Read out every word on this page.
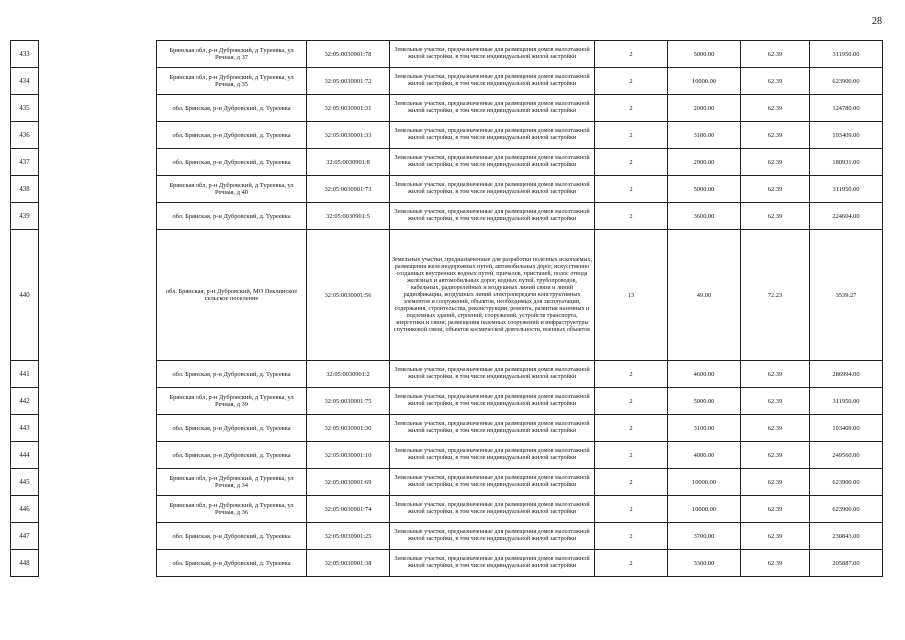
28
433		Брянская обл, р-н Дубровский, д Туреевка, ул Речная, д 37	32:05:0030901:78	Земельные участки, предназначенные для размещения домов малоэтажной жилой застройки, в том числе индивидуальной жилой застройки	2	5000.00	62.39	311950.00
434		Брянская обл, р-н Дубровский, д Туреевка, ул Речная, д 35	32:05:0030901:72	Земельные участки, предназначенные для размещения домов малоэтажной жилой застройки, в том числе индивидуальной жилой застройки	2	10000.00	62.39	623900.00
435		обл. Брянская, р-н Дубровский, д. Туреевка	32:05:0030901:31	Земельные участки, предназначенные для размещения домов малоэтажной жилой застройки, в том числе индивидуальной жилой застройки	2	2000.00	62.39	124780.00
436		обл. Брянская, р-н Дубровский, д. Туреевка	32:05:0030901:33	Земельные участки, предназначенные для размещения домов малоэтажной жилой застройки, в том числе индивидуальной жилой застройки	2	3100.00	62.39	193409.00
437		обл. Брянская, р-н Дубровский, д. Туреевка	32:05:0030901:8	Земельные участки, предназначенные для размещения домов малоэтажной жилой застройки, в том числе индивидуальной жилой застройки	2	2900.00	62.39	180931.00
438		Брянская обл, р-н Дубровский, д Туреевка, ул Речная, д 40	32:05:0030901:73	Земельные участки, предназначенные для размещения домов малоэтажной жилой застройки, в том числе индивидуальной жилой застройки	2	5000.00	62.39	311950.00
439		обл. Брянская, р-н Дубровский, д. Туреевка	32:05:0030901:5	Земельные участки, предназначенные для размещения домов малоэтажной жилой застройки, в том числе индивидуальной жилой застройки	2	3600.00	62.39	224604.00
440		обл. Брянская, р-н Дубровский, МО Пеклинское сельское поселение	32:05:0030901:56	Земельные участки, предназначенные для разработки полезных ископаемых, размещения железнодорожных путей, автомобильных дорог, искусственно созданных внутренних водных путей, причалов, пристаней, полос отвода железных и автомобильных дорог, водных путей, трубопроводов, кабельных, радиорелейных и воздушных линий связи и линий радиофикации, воздушных линий электропередачи конструктивных элементов и сооружений, объектов, необходимых для эксплуатации, содержания, строительства, реконструкции, ремонта, развития наземных и подземных зданий, строений, сооружений, устройств транспорта, энергетики и связи; размещения наземных сооружений и инфраструктуры спутниковой связи, объектов космической деятельности, военных объектов	13	49.00	72.23	3539.27
441		обл. Брянская, р-н Дубровский, д. Туреевка	32:05:0030901:2	Земельные участки, предназначенные для размещения домов малоэтажной жилой застройки, в том числе индивидуальной жилой застройки	2	4600.00	62.39	286994.00
442		Брянская обл, р-н Дубровский, д Туреевка, ул Речная, д 39	32:05:0030901:75	Земельные участки, предназначенные для размещения домов малоэтажной жилой застройки, в том числе индивидуальной жилой застройки	2	5000.00	62.39	311950.00
443		обл. Брянская, р-н Дубровский, д. Туреевка	32:05:0030901:30	Земельные участки, предназначенные для размещения домов малоэтажной жилой застройки, в том числе индивидуальной жилой застройки	2	3100.00	62.39	193409.00
444		обл. Брянская, р-н Дубровский, д. Туреевка	32:05:0030901:10	Земельные участки, предназначенные для размещения домов малоэтажной жилой застройки, в том числе индивидуальной жилой застройки	2	4000.00	62.39	249560.00
445		Брянская обл, р-н Дубровский, д Туреевка, ул Речная, д 34	32:05:0030901:69	Земельные участки, предназначенные для размещения домов малоэтажной жилой застройки, в том числе индивидуальной жилой застройки	2	10000.00	62.39	623900.00
446		Брянская обл, р-н Дубровский, д Туреевка, ул Речная, д 36	32:05:0030901:74	Земельные участки, предназначенные для размещения домов малоэтажной жилой застройки, в том числе индивидуальной жилой застройки	2	10000.00	62.39	623900.00
447		обл. Брянская, р-н Дубровский, д. Туреевка	32:05:0030901:25	Земельные участки, предназначенные для размещения домов малоэтажной жилой застройки, в том числе индивидуальной жилой застройки	2	3700.00	62.39	230843.00
448		обл. Брянская, р-н Дубровский, д. Туреевка	32:05:0030901:38	Земельные участки, предназначенные для размещения домов малоэтажной жилой застройки, в том числе индивидуальной жилой застройки	2	3300.00	62.39	205887.00
